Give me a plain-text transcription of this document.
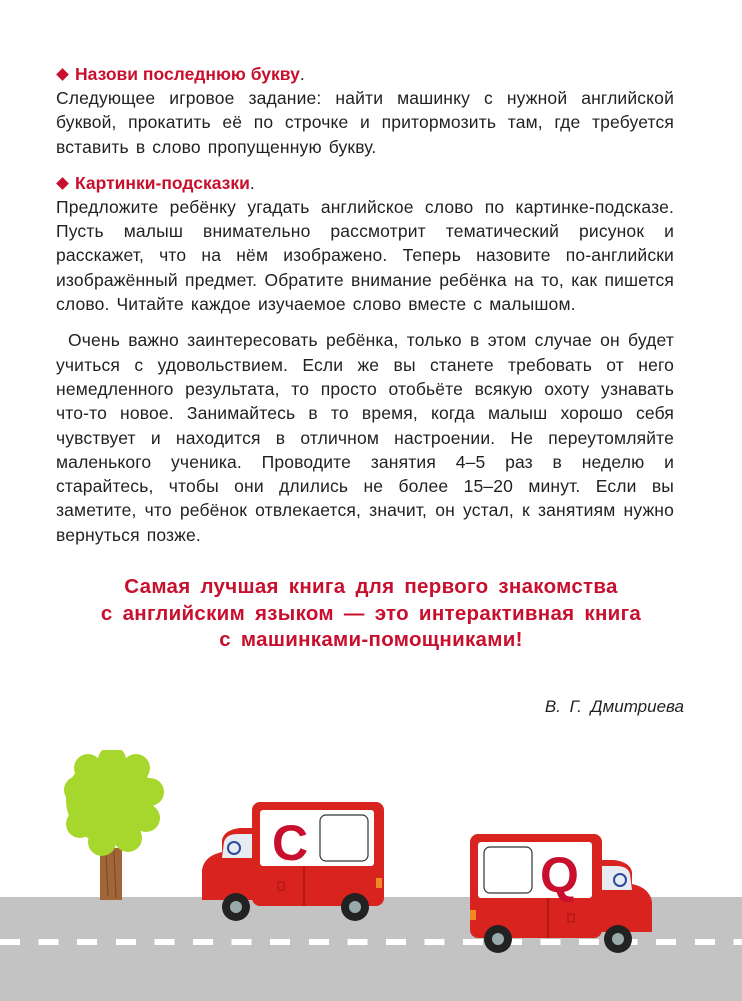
Назови последнюю букву.

Следующее игровое задание: найти машинку с нужной английской буквой, прокатить её по строчке и притормозить там, где требуется вставить в слово пропущенную букву.

Картинки-подсказки.

Предложите ребёнку угадать английское слово по картинке-подсказе. Пусть малыш внимательно рассмотрит тематический рисунок и расскажет, что на нём изображено. Теперь назовите по-английски изображённый предмет. Обратите внимание ребёнка на то, как пишется слово. Читайте каждое изучаемое слово вместе с малышом.

Очень важно заинтересовать ребёнка, только в этом случае он будет учиться с удовольствием. Если же вы станете требовать от него немедленного результата, то просто отобьёте всякую охоту узнавать что-то новое. Занимайтесь в то время, когда малыш хорошо себя чувствует и находится в отличном настроении. Не переутомляйте маленького ученика. Проводите занятия 4–5 раз в неделю и старайтесь, чтобы они длились не более 15–20 минут. Если вы заметите, что ребёнок отвлекается, значит, он устал, к занятиям нужно вернуться позже.

Самая лучшая книга для первого знакомства
с английским языком — это интерактивная книга
с машинками-помощниками!
В. Г. Дмитриева
C
Q
